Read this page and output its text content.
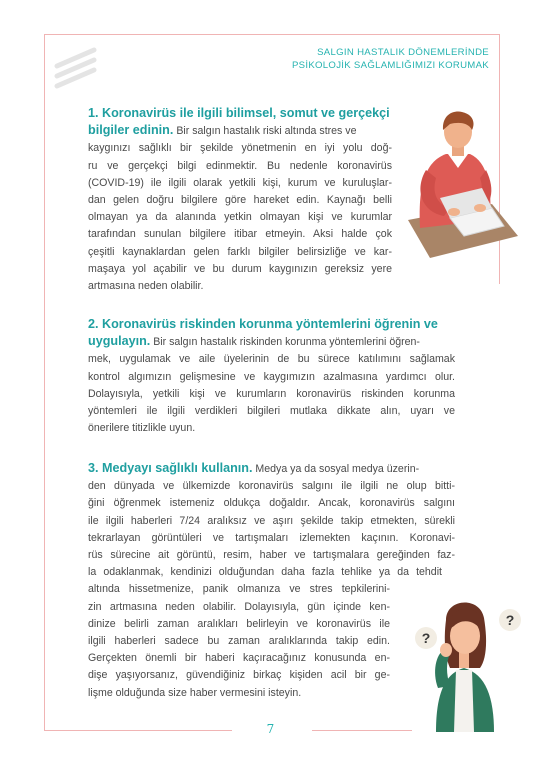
SALGIN HASTALIK DÖNEMLERİNDE
PSİKOLOJİK SAĞLAMLIĞIMIZI KORUMAK
1. Koronavirüs ile ilgili bilimsel, somut ve gerçekçi
bilgiler edinin. Bir salgın hastalık riski altında stres ve
kaygınızı sağlıklı bir şekilde yönetmenin en iyi yolu doğ-
ru ve gerçekçi bilgi edinmektir. Bu nedenle koronavirüs
(COVID-19) ile ilgili olarak yetkili kişi, kurum ve kuruluşlar-
dan gelen doğru bilgilere göre hareket edin. Kaynağı belli
olmayan ya da alanında yetkin olmayan kişi ve kurumlar
tarafından sunulan bilgilere itibar etmeyin. Aksi halde çok
çeşitli kaynaklardan gelen farklı bilgiler belirsizliğe ve kar-
maşaya yol açabilir ve bu durum kaygınızın gereksiz yere
artmasına neden olabilir.
2. Koronavirüs riskinden korunma yöntemlerini öğrenin ve
uygulayın. Bir salgın hastalık riskinden korunma yöntemlerini öğren-
mek, uygulamak ve aile üyelerinin de bu sürece katılımını sağlamak
kontrol algımızın gelişmesine ve kaygımızın azalmasına yardımcı olur.
Dolayısıyla, yetkili kişi ve kurumların koronavirüs riskinden korunma
yöntemleri ile ilgili verdikleri bilgileri mutlaka dikkate alın, uyarı ve
önerilere titizlikle uyun.
3. Medyayı sağlıklı kullanın. Medya ya da sosyal medya üzerin-
den dünyada ve ülkemizde koronavirüs salgını ile ilgili ne olup bitti-
ğini öğrenmek istemeniz oldukça doğaldır. Ancak, koronavirüs salgını
ile ilgili haberleri 7/24 aralıksız ve aşırı şekilde takip etmekten, sürekli
tekrarlayan görüntüleri ve tartışmaları izlemekten kaçının. Koronavi-
rüs sürecine ait görüntü, resim, haber ve tartışmalara gereğinden faz-
la odaklanmak, kendinizi olduğundan daha fazla tehlike ya da tehdit
altında hissetmenize, panik olmanıza ve stres tepkilerini-
zin artmasına neden olabilir. Dolayısıyla, gün içinde ken-
dinize belirli zaman aralıkları belirleyin ve koronavirüs ile
ilgili haberleri sadece bu zaman aralıklarında takip edin.
Gerçekten önemli bir haberi kaçıracağınız konusunda en-
dişe yaşıyorsanız, güvendiğiniz birkaç kişiden acil bir ge-
lişme olduğunda size haber vermesini isteyin.
?
?
7
